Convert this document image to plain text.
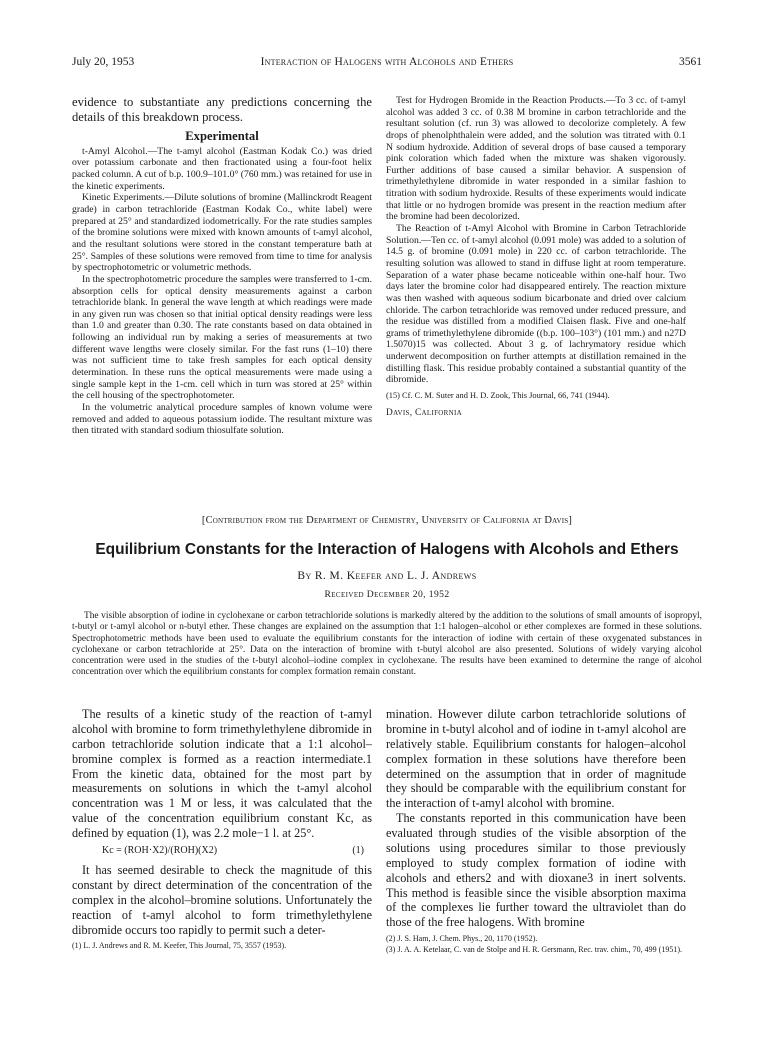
July 20, 1953	Interaction of Halogens with Alcohols and Ethers	3561

evidence to substantiate any predictions concerning the details of this breakdown process.

Experimental

t-Amyl Alcohol.—The t-amyl alcohol (Eastman Kodak Co.) was dried over potassium carbonate and then fractionated using a four-foot helix packed column. A cut of b.p. 100.9–101.0° (760 mm.) was retained for use in the kinetic experiments.

Kinetic Experiments.—Dilute solutions of bromine (Mallinckrodt Reagent grade) in carbon tetrachloride (Eastman Kodak Co., white label) were prepared at 25° and standardized iodometrically. For the rate studies samples of the bromine solutions were mixed with known amounts of t-amyl alcohol, and the resultant solutions were stored in the constant temperature bath at 25°. Samples of these solutions were removed from time to time for analysis by spectrophotometric or volumetric methods.

In the spectrophotometric procedure the samples were transferred to 1-cm. absorption cells for optical density measurements against a carbon tetrachloride blank. In general the wave length at which readings were made in any given run was chosen so that initial optical density readings were less than 1.0 and greater than 0.30. The rate constants based on data obtained in following an individual run by making a series of measurements at two different wave lengths were closely similar. For the fast runs (1–10) there was not sufficient time to take fresh samples for each optical density determination. In these runs the optical measurements were made using a single sample kept in the 1-cm. cell which in turn was stored at 25° within the cell housing of the spectrophotometer.

In the volumetric analytical procedure samples of known volume were removed and added to aqueous potassium iodide. The resultant mixture was then titrated with standard sodium thiosulfate solution.

Test for Hydrogen Bromide in the Reaction Products.—To 3 cc. of t-amyl alcohol was added 3 cc. of 0.38 M bromine in carbon tetrachloride and the resultant solution (cf. run 3) was allowed to decolorize completely. A few drops of phenolphthalein were added, and the solution was titrated with 0.1 N sodium hydroxide. Addition of several drops of base caused a temporary pink coloration which faded when the mixture was shaken vigorously. Further additions of base caused a similar behavior. A suspension of trimethylethylene dibromide in water responded in a similar fashion to titration with sodium hydroxide. Results of these experiments would indicate that little or no hydrogen bromide was present in the reaction medium after the bromine had been decolorized.

The Reaction of t-Amyl Alcohol with Bromine in Carbon Tetrachloride Solution.—Ten cc. of t-amyl alcohol (0.091 mole) was added to a solution of 14.5 g. of bromine (0.091 mole) in 220 cc. of carbon tetrachloride. The resulting solution was allowed to stand in diffuse light at room temperature. Separation of a water phase became noticeable within one-half hour. Two days later the bromine color had disappeared entirely. The reaction mixture was then washed with aqueous sodium bicarbonate and dried over calcium chloride. The carbon tetrachloride was removed under reduced pressure, and the residue was distilled from a modified Claisen flask. Five and one-half grams of trimethylethylene dibromide ((b.p. 100–103°) (101 mm.) and n27D 1.5070)15 was collected. About 3 g. of lachrymatory residue which underwent decomposition on further attempts at distillation remained in the distilling flask. This residue probably contained a substantial quantity of the dibromide.

(15) Cf. C. M. Suter and H. D. Zook, This Journal, 66, 741 (1944).

Davis, California

[Contribution from the Department of Chemistry, University of California at Davis]

Equilibrium Constants for the Interaction of Halogens with Alcohols and Ethers

By R. M. Keefer and L. J. Andrews

Received December 20, 1952

The visible absorption of iodine in cyclohexane or carbon tetrachloride solutions is markedly altered by the addition to the solutions of small amounts of isopropyl, t-butyl or t-amyl alcohol or n-butyl ether. These changes are explained on the assumption that 1:1 halogen–alcohol or ether complexes are formed in these solutions. Spectrophotometric methods have been used to evaluate the equilibrium constants for the interaction of iodine with certain of these oxygenated substances in cyclohexane or carbon tetrachloride at 25°. Data on the interaction of bromine with t-butyl alcohol are also presented. Solutions of widely varying alcohol concentration were used in the studies of the t-butyl alcohol–iodine complex in cyclohexane. The results have been examined to determine the range of alcohol concentration over which the equilibrium constants for complex formation remain constant.

The results of a kinetic study of the reaction of t-amyl alcohol with bromine to form trimethylethylene dibromide in carbon tetrachloride solution indicate that a 1:1 alcohol–bromine complex is formed as a reaction intermediate.1 From the kinetic data, obtained for the most part by measurements on solutions in which the t-amyl alcohol concentration was 1 M or less, it was calculated that the value of the concentration equilibrium constant Kc, as defined by equation (1), was 2.2 mole−1 l. at 25°.

Kc = (ROH·X2)/(ROH)(X2)	(1)

It has seemed desirable to check the magnitude of this constant by direct determination of the concentration of the complex in the alcohol–bromine solutions. Unfortunately the reaction of t-amyl alcohol to form trimethylethylene dibromide occurs too rapidly to permit such a deter-

(1) L. J. Andrews and R. M. Keefer, This Journal, 75, 3557 (1953).

mination. However dilute carbon tetrachloride solutions of bromine in t-butyl alcohol and of iodine in t-amyl alcohol are relatively stable. Equilibrium constants for halogen–alcohol complex formation in these solutions have therefore been determined on the assumption that in order of magnitude they should be comparable with the equilibrium constant for the interaction of t-amyl alcohol with bromine.

The constants reported in this communication have been evaluated through studies of the visible absorption of the solutions using procedures similar to those previously employed to study complex formation of iodine with alcohols and ethers2 and with dioxane3 in inert solvents. This method is feasible since the visible absorption maxima of the complexes lie further toward the ultraviolet than do those of the free halogens. With bromine

(2) J. S. Ham, J. Chem. Phys., 20, 1170 (1952).

(3) J. A. A. Ketelaar, C. van de Stolpe and H. R. Gersmann, Rec. trav. chim., 70, 499 (1951).
